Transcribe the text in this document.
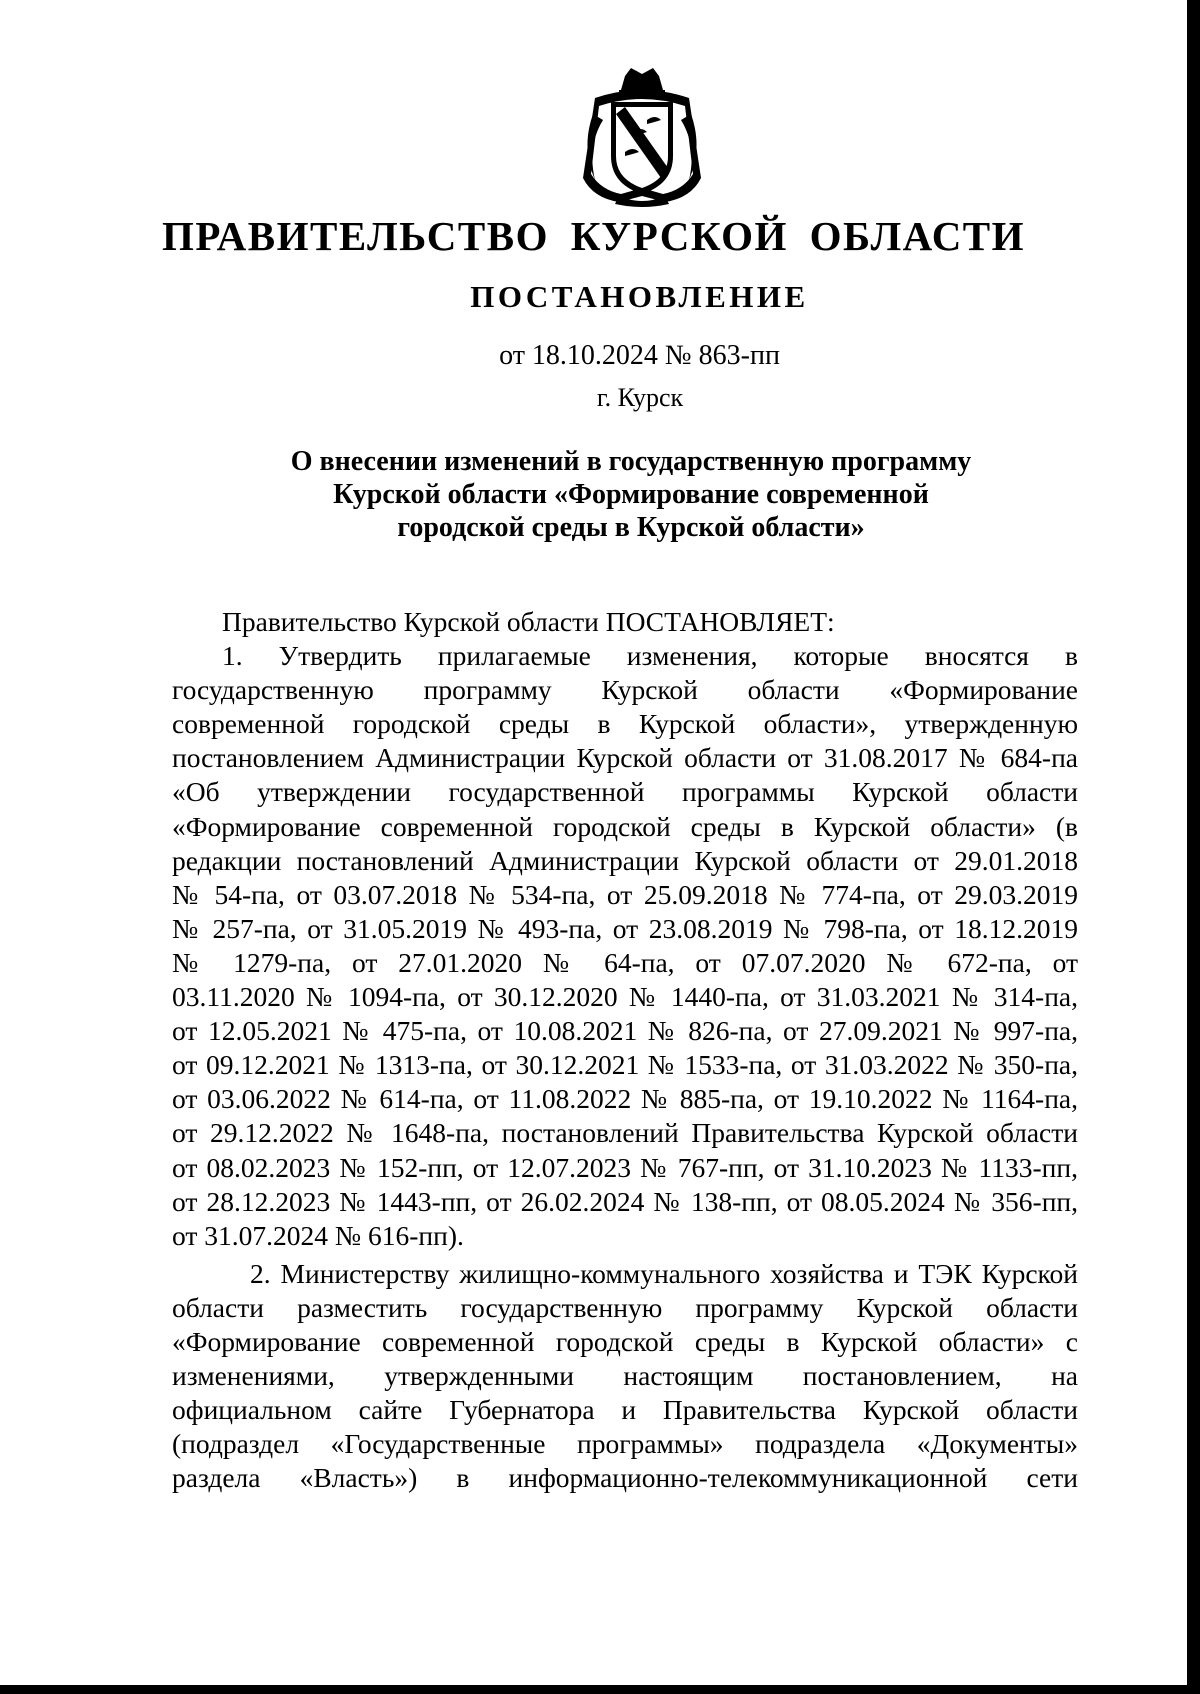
ПРАВИТЕЛЬСТВО КУРСКОЙ ОБЛАСТИ
ПОСТАНОВЛЕНИЕ
от 18.10.2024 № 863-пп
г. Курск
О внесении изменений в государственную программу
Курской области «Формирование современной
городской среды в Курской области»
Правительство Курской области ПОСТАНОВЛЯЕТ:
1. Утвердить прилагаемые изменения, которые вносятся в
государственную программу Курской области «Формирование
современной городской среды в Курской области», утвержденную
постановлением Администрации Курской области от 31.08.2017 № 684-па
«Об утверждении государственной программы Курской области
«Формирование современной городской среды в Курской области» (в
редакции постановлений Администрации Курской области от 29.01.2018
№ 54-па, от 03.07.2018 № 534-па, от 25.09.2018 № 774-па, от 29.03.2019
№ 257-па, от 31.05.2019 № 493-па, от 23.08.2019 № 798-па, от 18.12.2019
№ 1279-па, от 27.01.2020 № 64-па, от 07.07.2020 № 672-па, от
03.11.2020 № 1094-па, от 30.12.2020 № 1440-па, от 31.03.2021 № 314-па,
от 12.05.2021 № 475-па, от 10.08.2021 № 826-па, от 27.09.2021 № 997-па,
от 09.12.2021 № 1313-па, от 30.12.2021 № 1533-па, от 31.03.2022 № 350-па,
от 03.06.2022 № 614-па, от 11.08.2022 № 885-па, от 19.10.2022 № 1164-па,
от 29.12.2022 № 1648-па, постановлений Правительства Курской области
от 08.02.2023 № 152-пп, от 12.07.2023 № 767-пп, от 31.10.2023 № 1133-пп,
от 28.12.2023 № 1443-пп, от 26.02.2024 № 138-пп, от 08.05.2024 № 356-пп,
от 31.07.2024 № 616-пп).
2. Министерству жилищно-коммунального хозяйства и ТЭК Курской
области разместить государственную программу Курской области
«Формирование современной городской среды в Курской области» с
изменениями, утвержденными настоящим постановлением, на
официальном сайте Губернатора и Правительства Курской области
(подраздел «Государственные программы» подраздела «Документы»
раздела «Власть») в информационно-телекоммуникационной сети
